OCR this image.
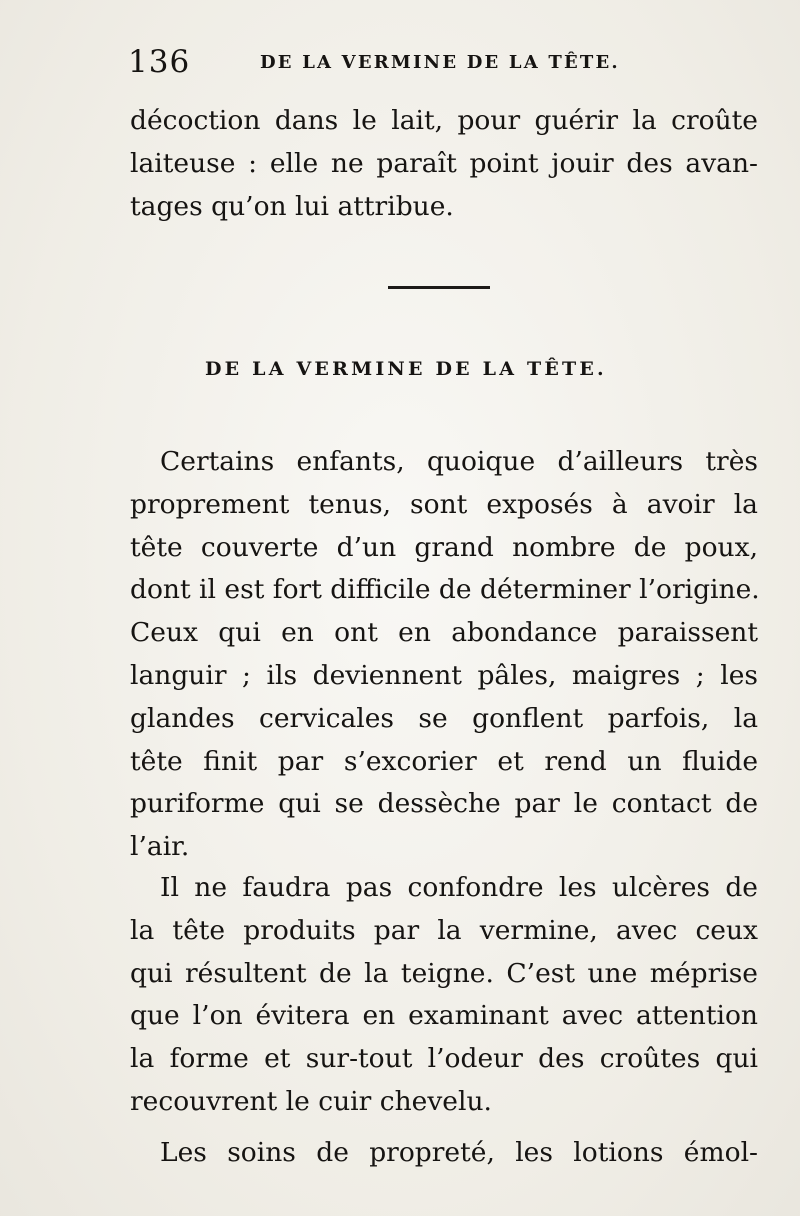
136	DE LA VERMINE DE LA TÊTE.
décoction dans le lait, pour guérir la croûte
laiteuse : elle ne paraît point jouir des avan-
tages qu’on lui attribue.
DE LA VERMINE DE LA TÊTE.
Certains enfants, quoique d’ailleurs très
proprement tenus, sont exposés à avoir la
tête couverte d’un grand nombre de poux,
dont il est fort difficile de déterminer l’origine.
Ceux qui en ont en abondance paraissent
languir ; ils deviennent pâles, maigres ; les
glandes cervicales se gonflent parfois, la
tête finit par s’excorier et rend un fluide
puriforme qui se dessèche par le contact de
l’air.
Il ne faudra pas confondre les ulcères de
la tête produits par la vermine, avec ceux
qui résultent de la teigne. C’est une méprise
que l’on évitera en examinant avec attention
la forme et sur-tout l’odeur des croûtes qui
recouvrent le cuir chevelu.
Les soins de propreté, les lotions émol-
